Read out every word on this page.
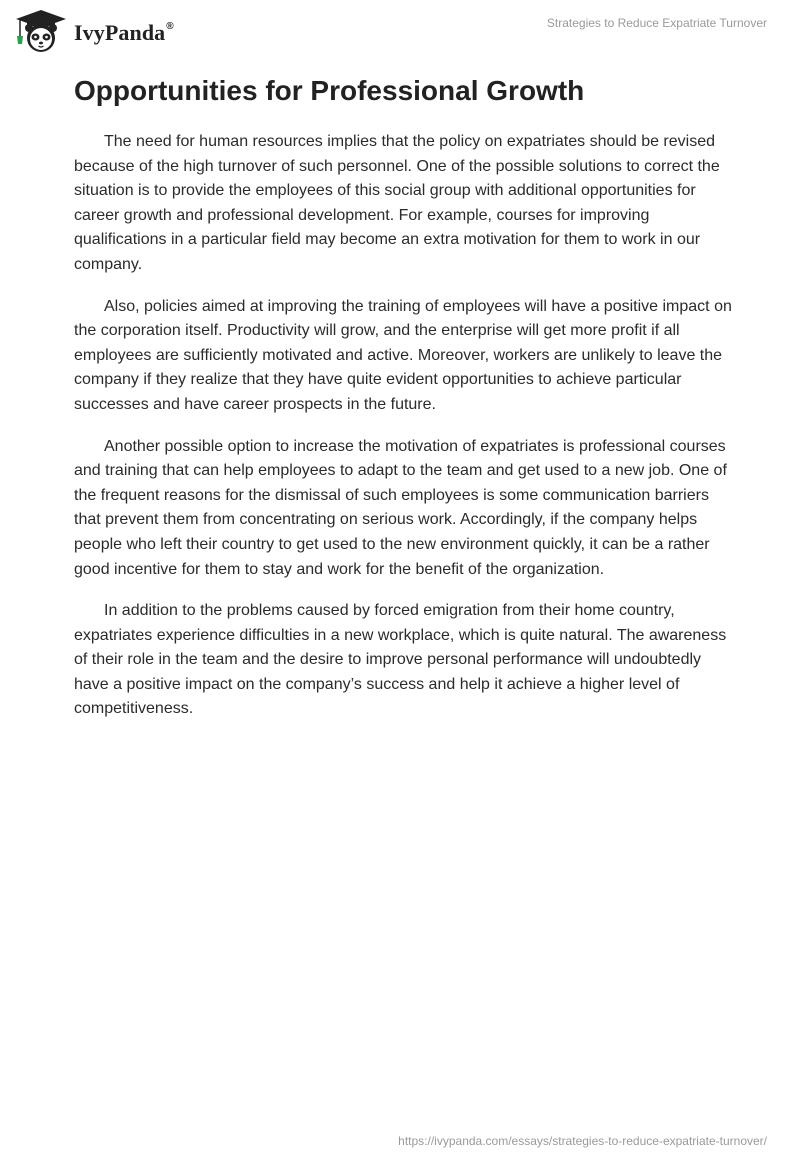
IvyPanda®	Strategies to Reduce Expatriate Turnover
Opportunities for Professional Growth

The need for human resources implies that the policy on expatriates should be revised because of the high turnover of such personnel. One of the possible solutions to correct the situation is to provide the employees of this social group with additional opportunities for career growth and professional development. For example, courses for improving qualifications in a particular field may become an extra motivation for them to work in our company.

Also, policies aimed at improving the training of employees will have a positive impact on the corporation itself. Productivity will grow, and the enterprise will get more profit if all employees are sufficiently motivated and active. Moreover, workers are unlikely to leave the company if they realize that they have quite evident opportunities to achieve particular successes and have career prospects in the future.

Another possible option to increase the motivation of expatriates is professional courses and training that can help employees to adapt to the team and get used to a new job. One of the frequent reasons for the dismissal of such employees is some communication barriers that prevent them from concentrating on serious work. Accordingly, if the company helps people who left their country to get used to the new environment quickly, it can be a rather good incentive for them to stay and work for the benefit of the organization.

In addition to the problems caused by forced emigration from their home country, expatriates experience difficulties in a new workplace, which is quite natural. The awareness of their role in the team and the desire to improve personal performance will undoubtedly have a positive impact on the company’s success and help it achieve a higher level of competitiveness.

https://ivypanda.com/essays/strategies-to-reduce-expatriate-turnover/
